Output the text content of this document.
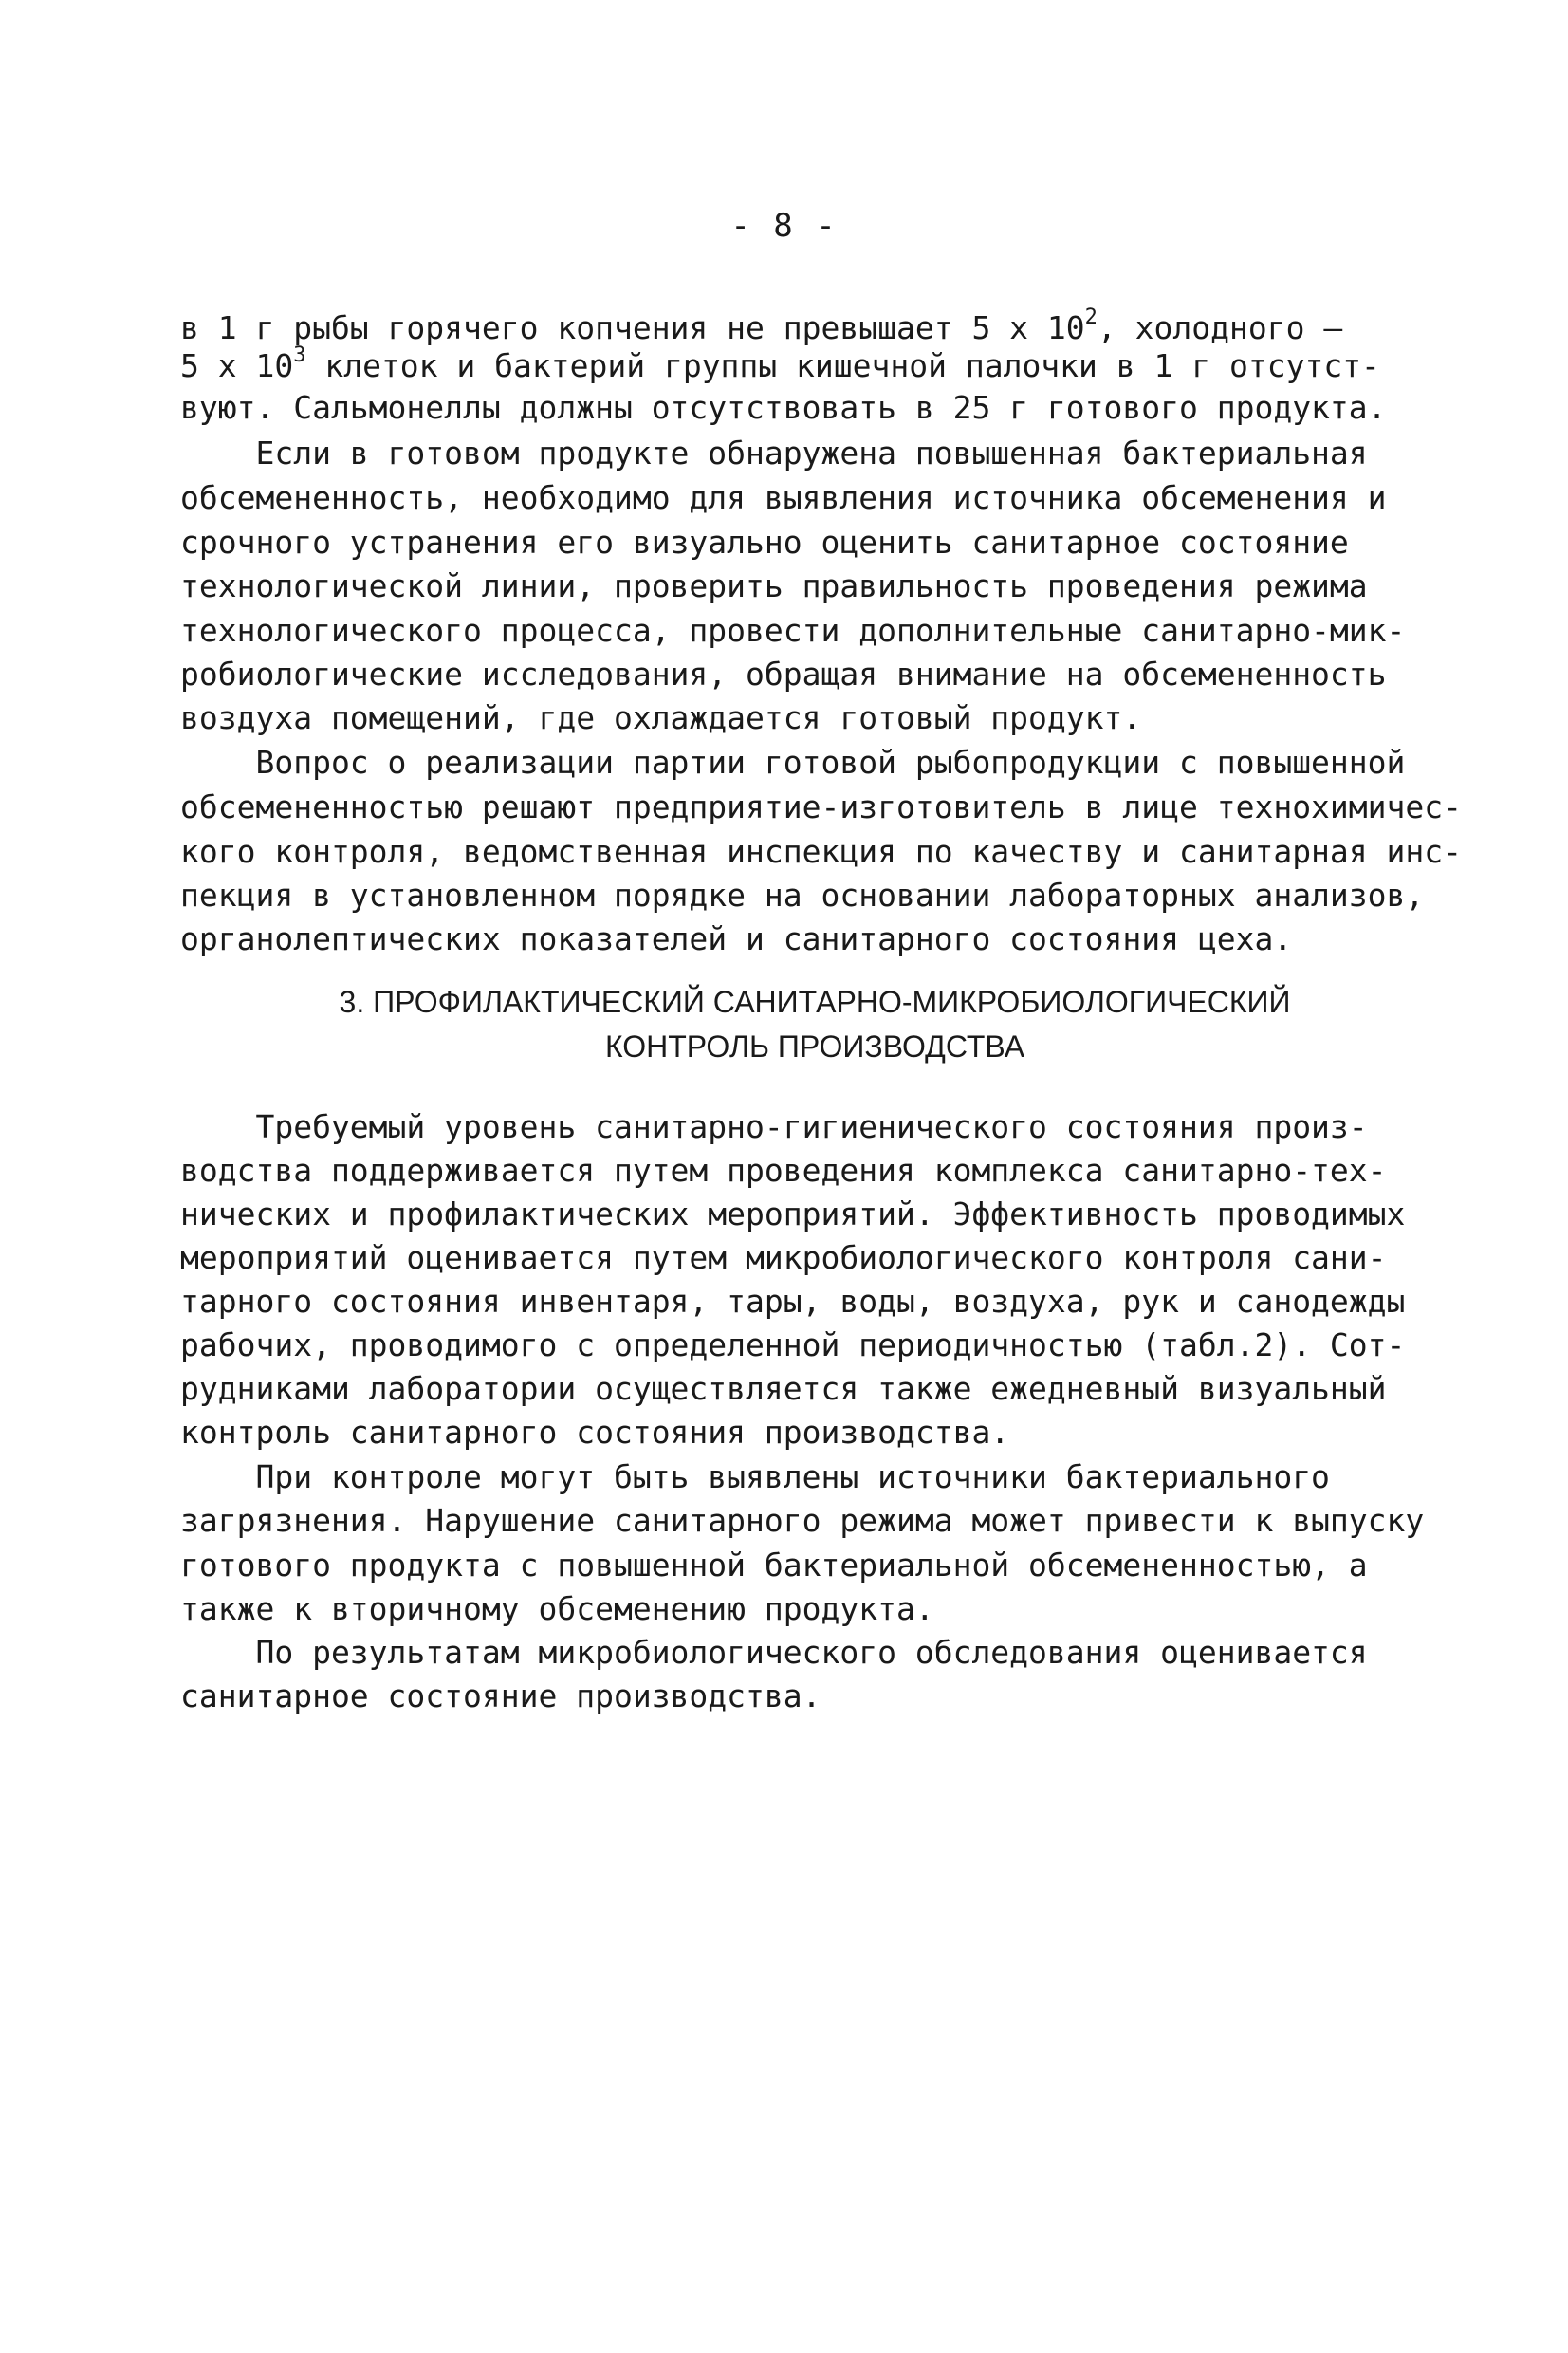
- 8 -
в 1 г рыбы горячего копчения не превышает 5 х $10^2$, холодного –
5 х $10^3$ клеток и бактерий группы кишечной палочки в 1 г отсутст-
вуют. Сальмонеллы должны отсутствовать в 25 г готового продукта.
Если в готовом продукте обнаружена повышенная бактериальная
обсемененность, необходимо для выявления источника обсеменения и
срочного устранения его визуально оценить санитарное состояние
технологической линии, проверить правильность проведения режима
технологического процесса, провести дополнительные санитарно-мик-
робиологические исследования, обращая внимание на обсемененность
воздуха помещений, где охлаждается готовый продукт.
Вопрос о реализации партии готовой рыбопродукции с повышенной
обсемененностью решают предприятие-изготовитель в лице технохимичес-
кого контроля, ведомственная инспекция по качеству и санитарная инс-
пекция в установленном порядке на основании лабораторных анализов,
органолептических показателей и санитарного состояния цеха.
3. ПРОФИЛАКТИЧЕСКИЙ САНИТАРНО-МИКРОБИОЛОГИЧЕСКИЙ
КОНТРОЛЬ ПРОИЗВОДСТВА
Требуемый уровень санитарно-гигиенического состояния произ-
водства поддерживается путем проведения комплекса санитарно-тех-
нических и профилактических мероприятий. Эффективность проводимых
мероприятий оценивается путем микробиологического контроля сани-
тарного состояния инвентаря, тары, воды, воздуха, рук и санодежды
рабочих, проводимого с определенной периодичностью (табл.2). Сот-
рудниками лаборатории осуществляется также ежедневный визуальный
контроль санитарного состояния производства.
При контроле могут быть выявлены источники бактериального
загрязнения. Нарушение санитарного режима может привести к выпуску
готового продукта с повышенной бактериальной обсемененностью, а
также к вторичному обсеменению продукта.
По результатам микробиологического обследования оценивается
санитарное состояние производства.
